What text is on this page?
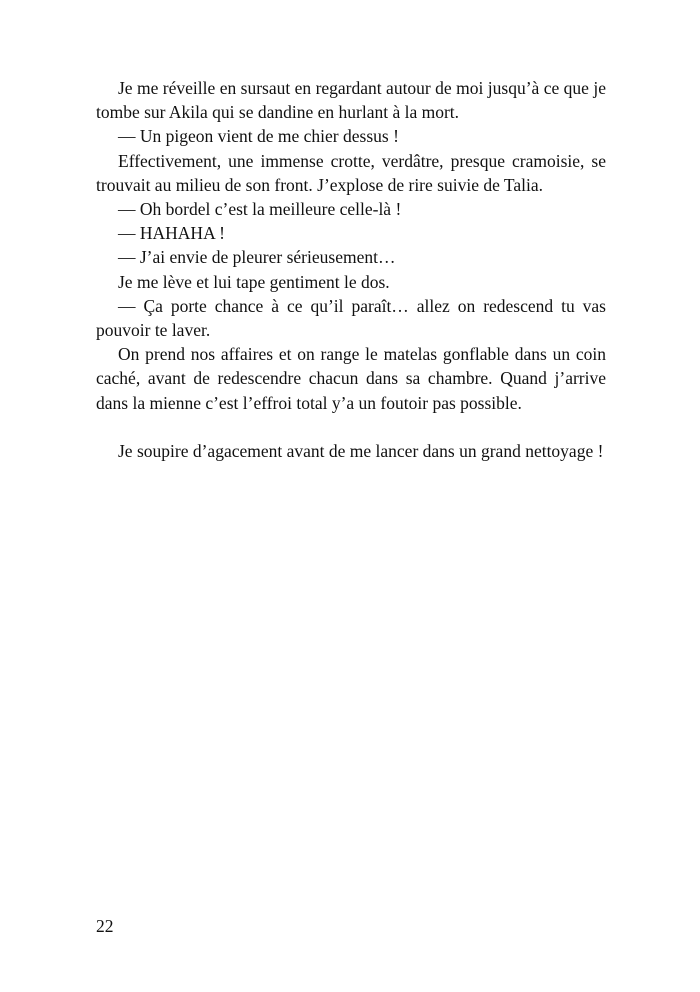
Je me réveille en sursaut en regardant autour de moi jusqu’à ce que je tombe sur Akila qui se dandine en hurlant à la mort.

— Un pigeon vient de me chier dessus !

Effectivement, une immense crotte, verdâtre, presque cramoisie, se trouvait au milieu de son front. J’explose de rire suivie de Talia.

— Oh bordel c’est la meilleure celle-là !

— HAHAHA !

— J’ai envie de pleurer sérieusement…

Je me lève et lui tape gentiment le dos.

— Ça porte chance à ce qu’il paraît… allez on redescend tu vas pouvoir te laver.

On prend nos affaires et on range le matelas gonflable dans un coin caché, avant de redescendre chacun dans sa chambre. Quand j’arrive dans la mienne c’est l’effroi total y’a un foutoir pas possible.

Je soupire d’agacement avant de me lancer dans un grand nettoyage !

22
